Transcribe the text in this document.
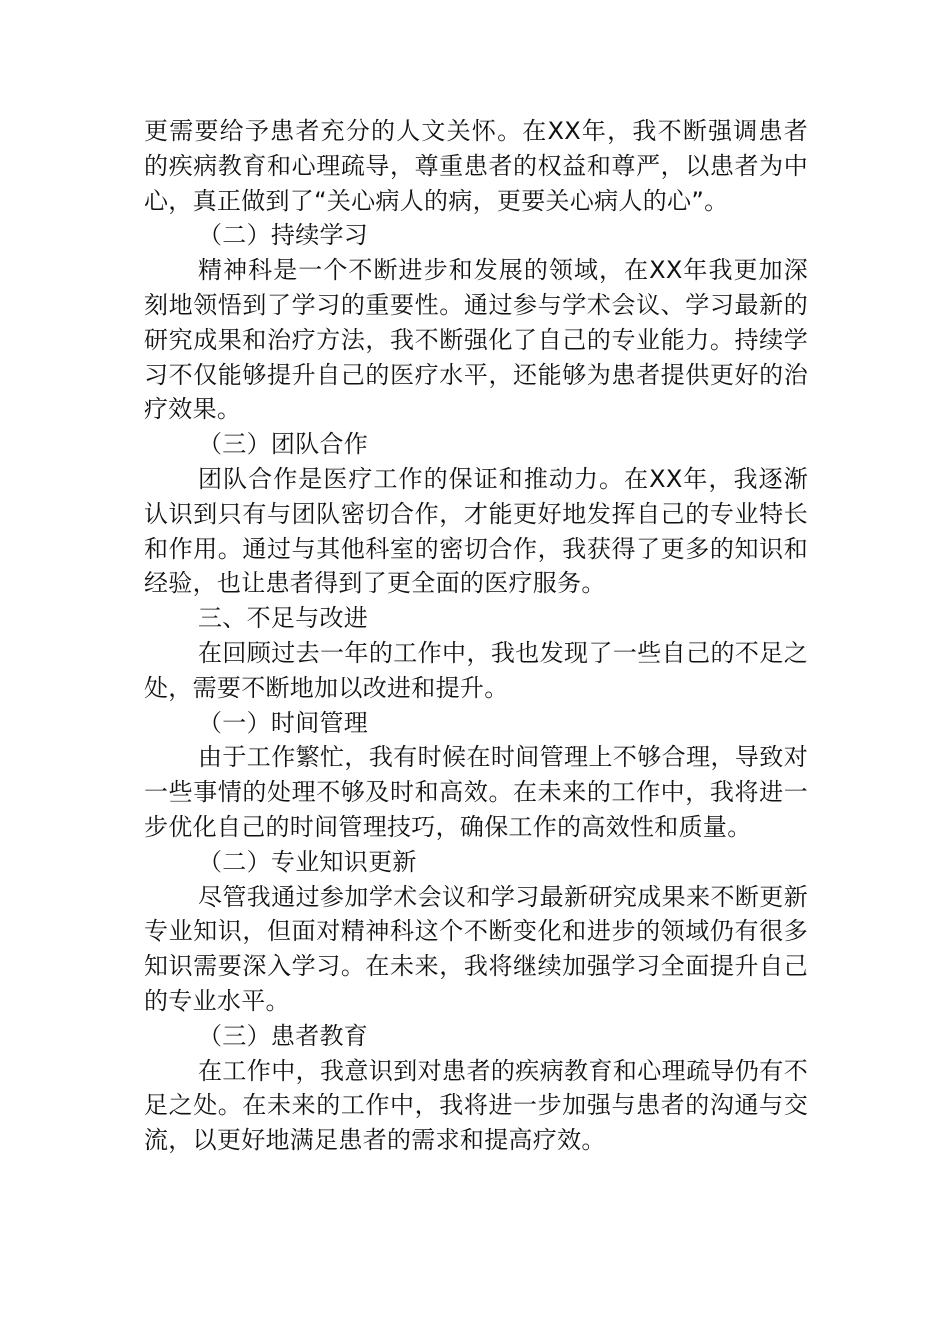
更需要给予患者充分的人文关怀。在XX年，我不断强调患者的疾病教育和心理疏导，尊重患者的权益和尊严，以患者为中心，真正做到了“关心病人的病，更要关心病人的心”。

（二）持续学习

精神科是一个不断进步和发展的领域，在XX年我更加深刻地领悟到了学习的重要性。通过参与学术会议、学习最新的研究成果和治疗方法，我不断强化了自己的专业能力。持续学习不仅能够提升自己的医疗水平，还能够为患者提供更好的治疗效果。

（三）团队合作

团队合作是医疗工作的保证和推动力。在XX年，我逐渐认识到只有与团队密切合作，才能更好地发挥自己的专业特长和作用。通过与其他科室的密切合作，我获得了更多的知识和经验，也让患者得到了更全面的医疗服务。

三、不足与改进

在回顾过去一年的工作中，我也发现了一些自己的不足之处，需要不断地加以改进和提升。

（一）时间管理

由于工作繁忙，我有时候在时间管理上不够合理，导致对一些事情的处理不够及时和高效。在未来的工作中，我将进一步优化自己的时间管理技巧，确保工作的高效性和质量。

（二）专业知识更新

尽管我通过参加学术会议和学习最新研究成果来不断更新专业知识，但面对精神科这个不断变化和进步的领域仍有很多知识需要深入学习。在未来，我将继续加强学习全面提升自己的专业水平。

（三）患者教育

在工作中，我意识到对患者的疾病教育和心理疏导仍有不足之处。在未来的工作中，我将进一步加强与患者的沟通与交流，以更好地满足患者的需求和提高疗效。
